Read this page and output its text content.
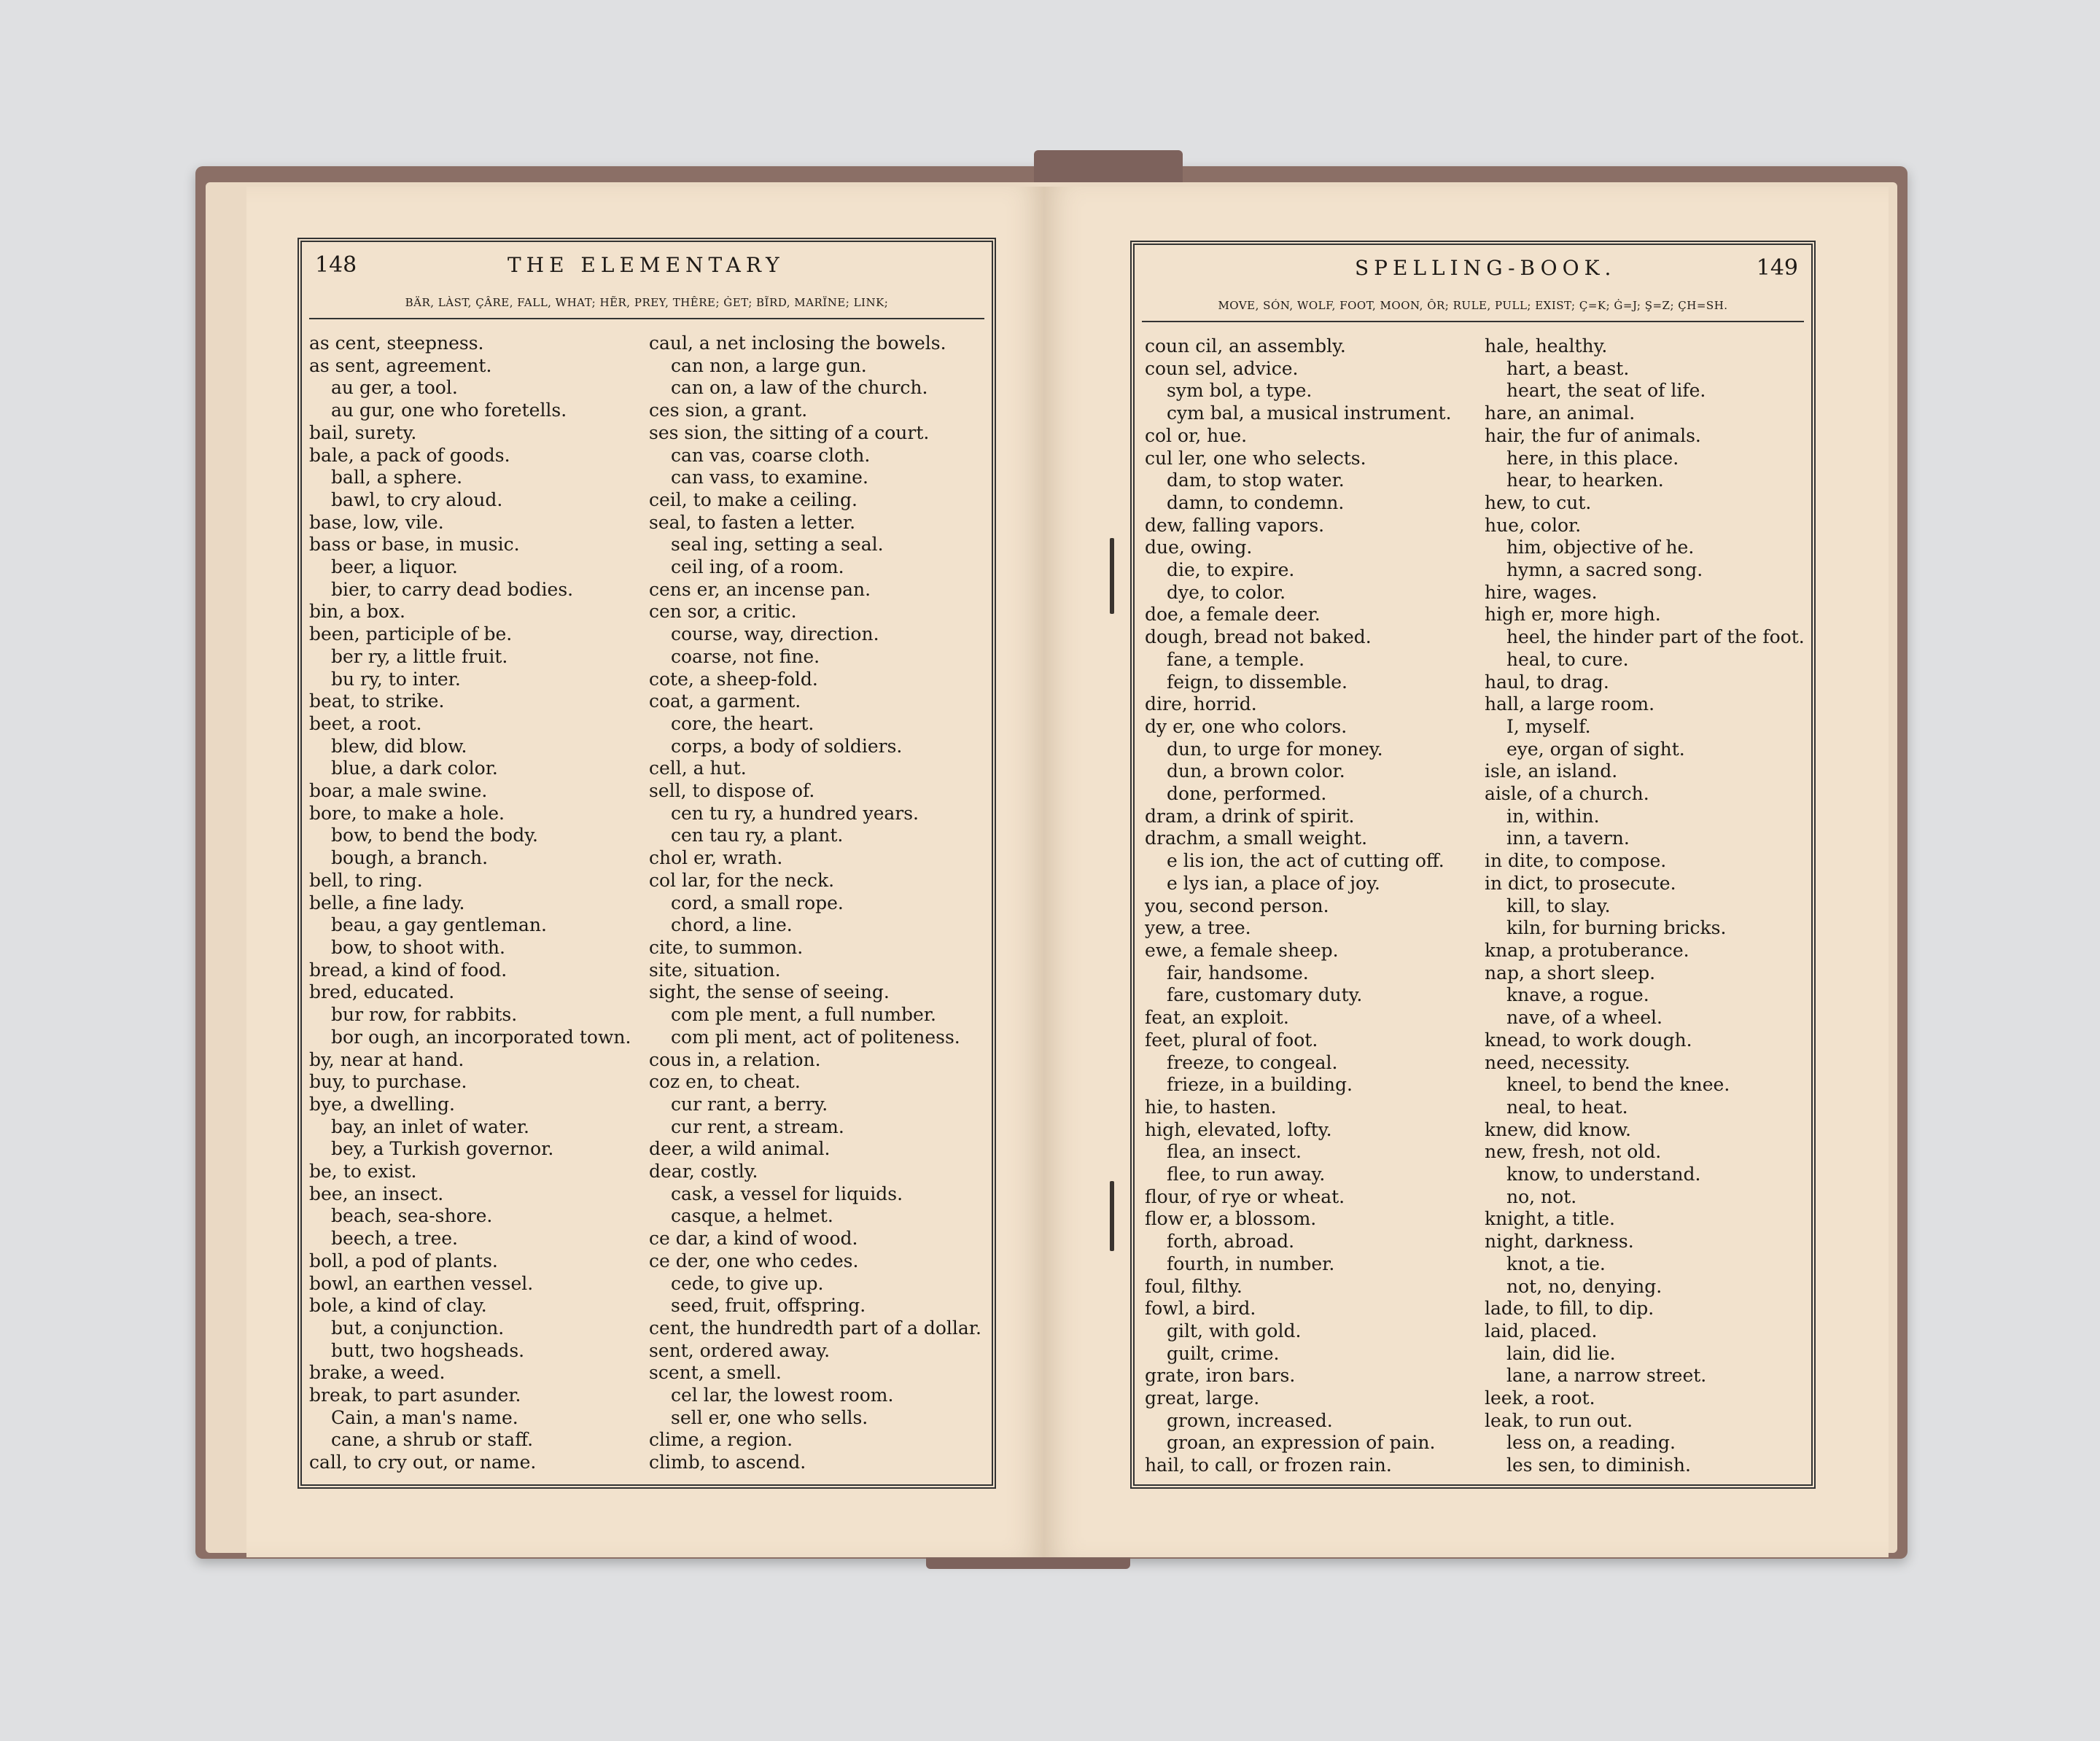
148	THE ELEMENTARY
BÄR, LÀST, ÇÂRE, FALL, WHAT; HẼR, PREY, THÊRE; ĠET; BĨRD, MARÏNE; LINK;
as cent, steepness.
as sent, agreement.
au ger, a tool.
au gur, one who foretells.
bail, surety.
bale, a pack of goods.
ball, a sphere.
bawl, to cry aloud.
base, low, vile.
bass or base, in music.
beer, a liquor.
bier, to carry dead bodies.
bin, a box.
been, participle of be.
ber ry, a little fruit.
bu ry, to inter.
beat, to strike.
beet, a root.
blew, did blow.
blue, a dark color.
boar, a male swine.
bore, to make a hole.
bow, to bend the body.
bough, a branch.
bell, to ring.
belle, a fine lady.
beau, a gay gentleman.
bow, to shoot with.
bread, a kind of food.
bred, educated.
bur row, for rabbits.
bor ough, an incorporated town.
by, near at hand.
buy, to purchase.
bye, a dwelling.
bay, an inlet of water.
bey, a Turkish governor.
be, to exist.
bee, an insect.
beach, sea-shore.
beech, a tree.
boll, a pod of plants.
bowl, an earthen vessel.
bole, a kind of clay.
but, a conjunction.
butt, two hogsheads.
brake, a weed.
break, to part asunder.
Cain, a man's name.
cane, a shrub or staff.
call, to cry out, or name.
caul, a net inclosing the bowels.
can non, a large gun.
can on, a law of the church.
ces sion, a grant.
ses sion, the sitting of a court.
can vas, coarse cloth.
can vass, to examine.
ceil, to make a ceiling.
seal, to fasten a letter.
seal ing, setting a seal.
ceil ing, of a room.
cens er, an incense pan.
cen sor, a critic.
course, way, direction.
coarse, not fine.
cote, a sheep-fold.
coat, a garment.
core, the heart.
corps, a body of soldiers.
cell, a hut.
sell, to dispose of.
cen tu ry, a hundred years.
cen tau ry, a plant.
chol er, wrath.
col lar, for the neck.
cord, a small rope.
chord, a line.
cite, to summon.
site, situation.
sight, the sense of seeing.
com ple ment, a full number.
com pli ment, act of politeness.
cous in, a relation.
coz en, to cheat.
cur rant, a berry.
cur rent, a stream.
deer, a wild animal.
dear, costly.
cask, a vessel for liquids.
casque, a helmet.
ce dar, a kind of wood.
ce der, one who cedes.
cede, to give up.
seed, fruit, offspring.
cent, the hundredth part of a dollar.
sent, ordered away.
scent, a smell.
cel lar, the lowest room.
sell er, one who sells.
clime, a region.
climb, to ascend.
SPELLING-BOOK.	149
MOVE, SÓN, WOLF, FOOT, MOON, ÔR; RULE, PULL; EXIST; Ç=K; Ġ=J; Ş=Z; ÇH=SH.
coun cil, an assembly.
coun sel, advice.
sym bol, a type.
cym bal, a musical instrument.
col or, hue.
cul ler, one who selects.
dam, to stop water.
damn, to condemn.
dew, falling vapors.
due, owing.
die, to expire.
dye, to color.
doe, a female deer.
dough, bread not baked.
fane, a temple.
feign, to dissemble.
dire, horrid.
dy er, one who colors.
dun, to urge for money.
dun, a brown color.
done, performed.
dram, a drink of spirit.
drachm, a small weight.
e lis ion, the act of cutting off.
e lys ian, a place of joy.
you, second person.
yew, a tree.
ewe, a female sheep.
fair, handsome.
fare, customary duty.
feat, an exploit.
feet, plural of foot.
freeze, to congeal.
frieze, in a building.
hie, to hasten.
high, elevated, lofty.
flea, an insect.
flee, to run away.
flour, of rye or wheat.
flow er, a blossom.
forth, abroad.
fourth, in number.
foul, filthy.
fowl, a bird.
gilt, with gold.
guilt, crime.
grate, iron bars.
great, large.
grown, increased.
groan, an expression of pain.
hail, to call, or frozen rain.
hale, healthy.
hart, a beast.
heart, the seat of life.
hare, an animal.
hair, the fur of animals.
here, in this place.
hear, to hearken.
hew, to cut.
hue, color.
him, objective of he.
hymn, a sacred song.
hire, wages.
high er, more high.
heel, the hinder part of the foot.
heal, to cure.
haul, to drag.
hall, a large room.
I, myself.
eye, organ of sight.
isle, an island.
aisle, of a church.
in, within.
inn, a tavern.
in dite, to compose.
in dict, to prosecute.
kill, to slay.
kiln, for burning bricks.
knap, a protuberance.
nap, a short sleep.
knave, a rogue.
nave, of a wheel.
knead, to work dough.
need, necessity.
kneel, to bend the knee.
neal, to heat.
knew, did know.
new, fresh, not old.
know, to understand.
no, not.
knight, a title.
night, darkness.
knot, a tie.
not, no, denying.
lade, to fill, to dip.
laid, placed.
lain, did lie.
lane, a narrow street.
leek, a root.
leak, to run out.
less on, a reading.
les sen, to diminish.
